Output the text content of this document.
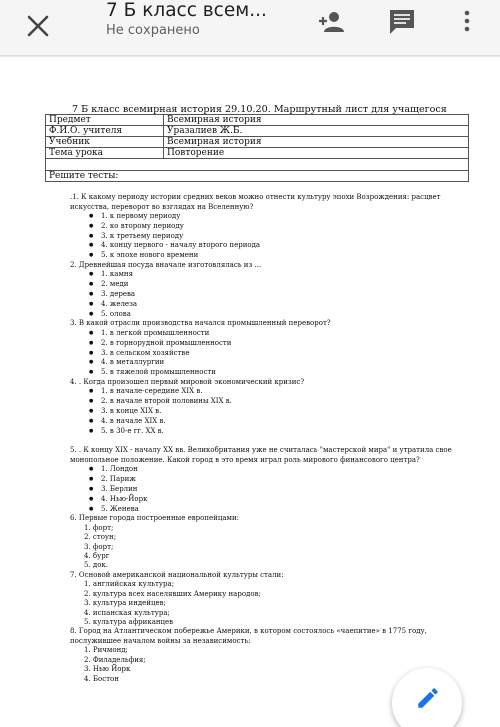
7 Б класс всем...
Не сохранено
7 Б класс всемирная история 29.10.20. Маршрутный лист для учащегося
Предмет	Всемирная история
Ф.И.О. учителя	Уразалиев Ж.Б.
Учебник	Всемирная история
Тема урока	Повторение

Решите тесты:	

.1. К какому периоду истории средних веков можно отнести культуру эпохи Возрождения: расцвет искусства, переворот во взглядах на Вселенную?

● 1. к первому периоду
● 2. ко второму периоду
● 3. к третьему периоду
● 4. концу первого - началу второго периода
● 5. к эпохе нового времени

2. Древнейшая посуда вначале изготовлялась из ...

● 1. камня
● 2. меди
● 3. дерева
● 4. железа
● 5. олова

3. В какой отрасли производства начался промышленный переворот?

● 1. в легкой промышленности
● 2. в горнорудной промышленности
● 3. в сельском хозяйстве
● 4. в металлургии
● 5. в тяжелой промышленности

4. . Когда произошел первый мировой экономический кризис?

● 1. в начале-середине XIX в.
● 2. в начале второй половины XIX в.
● 3. в конце XIX в.
● 4. в начале XIX в.
● 5. в 30-е гг. XX в.

5. . К концу XIX - началу XX вв. Великобритания уже не считалась "мастерской мира" и утратила свое монопольное положение. Какой город в это время играл роль мирового финансового центра?

● 1. Лондон
● 2. Париж
● 3. Берлин
● 4. Нью-Йорк
● 5. Женева

6. Первые города построенные европейцами:

1. форт;
2. стоун;
3. форт;
4. бург
5. док.

7. Основой американской национальной культуры стали:

1. английская культура;
2. культура всех населявших Америку народов;
3. культура индейцев;
4. испанская культура;
5. культура африканцев

8. Город на Атлантическом побережье Америки, в котором состоялось «чаепитие» в 1775 году, послужившее началом войны за независимость:

1. Ричмонд;
2. Филадельфия;
3. Нью Йорк
4. Бостон
